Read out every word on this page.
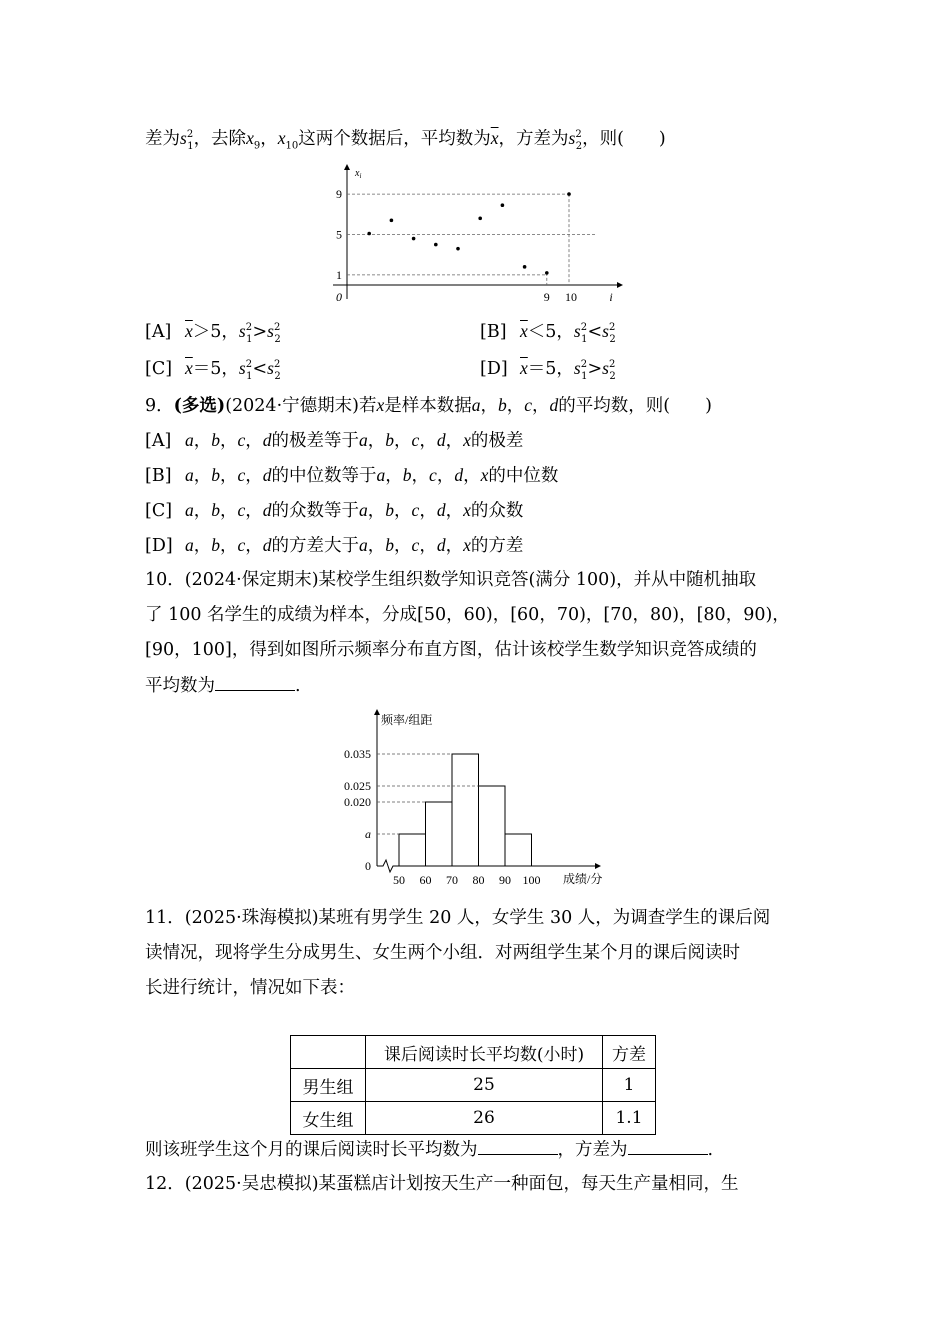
差为$s^2_1$，去除$x_9$，$x_{10}$这两个数据后，平均数为$\overline{x}$，方差为$s^2_2$，则(　　)
1
5
9
0	9 10	i
$x_i$
[A] $\overline{x}>5$，$s^2_1>s^2_2$	[B] $\overline{x}<5$，$s^2_1<s^2_2$
[C] $\overline{x}=5$，$s^2_1<s^2_2$	[D] $\overline{x}=5$，$s^2_1>s^2_2$
9．(多选)(2024·宁德期末)若x是样本数据a，b，c，d的平均数，则(　　)
[A] a，b，c，d的极差等于a，b，c，d，x的极差
[B] a，b，c，d的中位数等于a，b，c，d，x的中位数
[C] a，b，c，d的众数等于a，b，c，d，x的众数
[D] a，b，c，d的方差大于a，b，c，d，x的方差
10．(2024·保定期末)某校学生组织数学知识竞答(满分 100)，并从中随机抽取
了 100 名学生的成绩为样本，分成[50，60)，[60，70)，[70，80)，[80，90)，
[90，100]，得到如图所示频率分布直方图，估计该校学生数学知识竞答成绩的
平均数为	.
频率/组距
成绩/分
0
a
0.020
0.025
0.035
50 60 70 80 90 100
11．(2025·珠海模拟)某班有男学生 20 人，女学生 30 人，为调查学生的课后阅
读情况，现将学生分成男生、女生两个小组．对两组学生某个月的课后阅读时
长进行统计，情况如下表：
	课后阅读时长平均数(小时)	方差
男生组	25	1
女生组	26	1.1
则该班学生这个月的课后阅读时长平均数为	，方差为	.
12．(2025·吴忠模拟)某蛋糕店计划按天生产一种面包，每天生产量相同，生
